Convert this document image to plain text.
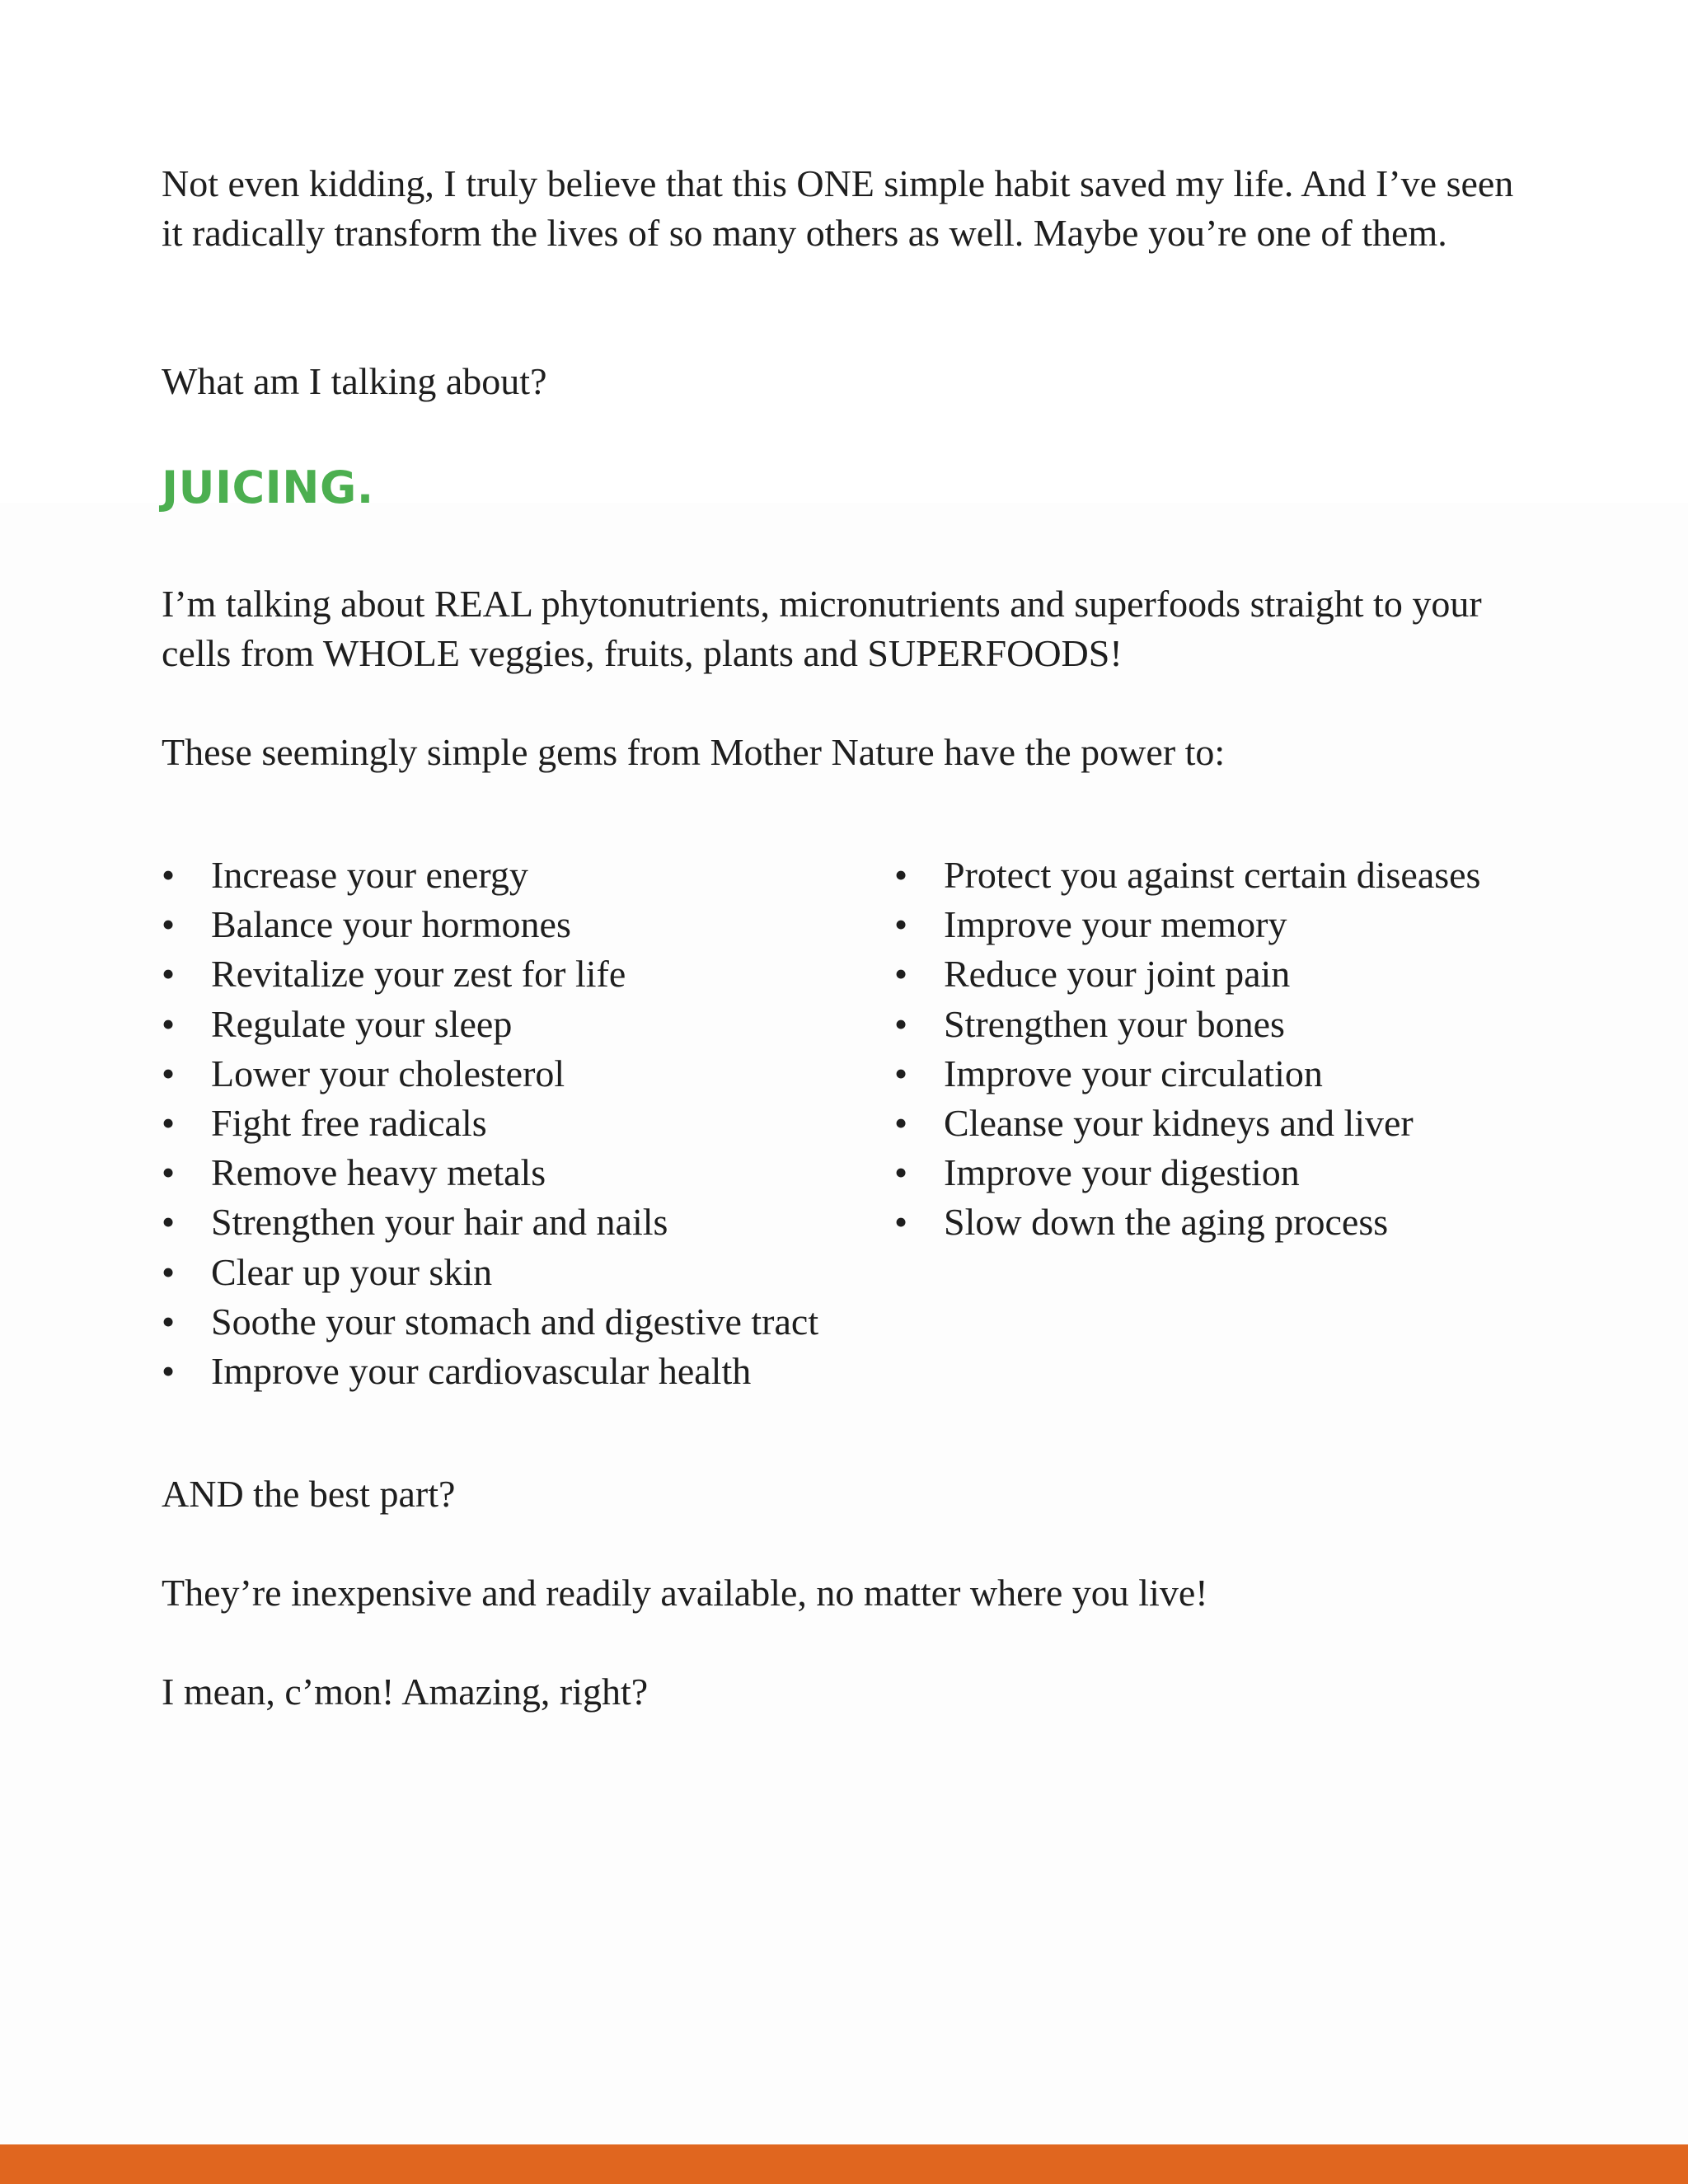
Not even kidding, I truly believe that this ONE simple habit saved my life. And I’ve seen it radically transform the lives of so many others as well. Maybe you’re one of them.

What am I talking about?

JUICING.

I’m talking about REAL phytonutrients, micronutrients and superfoods straight to your cells from WHOLE veggies, fruits, plants and SUPERFOODS!

These seemingly simple gems from Mother Nature have the power to:

• Increase your energy
• Balance your hormones
• Revitalize your zest for life
• Regulate your sleep
• Lower your cholesterol
• Fight free radicals
• Remove heavy metals
• Strengthen your hair and nails
• Clear up your skin
• Soothe your stomach and digestive tract
• Improve your cardiovascular health
• Protect you against certain diseases
• Improve your memory
• Reduce your joint pain
• Strengthen your bones
• Improve your circulation
• Cleanse your kidneys and liver
• Improve your digestion
• Slow down the aging process

AND the best part?

They’re inexpensive and readily available, no matter where you live!

I mean, c’mon! Amazing, right?
